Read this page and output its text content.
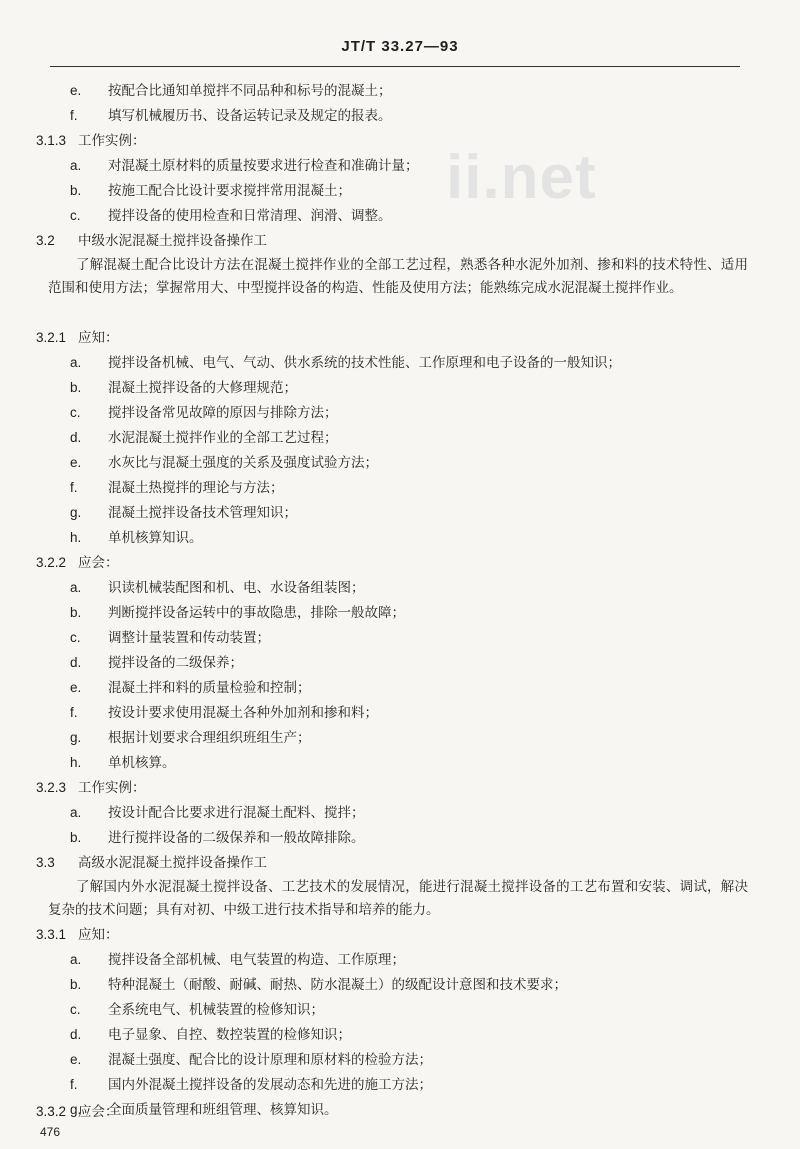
JT/T 33.27—93
ii.net
e. 按配合比通知单搅拌不同品种和标号的混凝土；
f. 填写机械履历书、设备运转记录及规定的报表。
3.1.3 工作实例：
a. 对混凝土原材料的质量按要求进行检查和准确计量；
b. 按施工配合比设计要求搅拌常用混凝土；
c. 搅拌设备的使用检查和日常清理、润滑、调整。
3.2 中级水泥混凝土搅拌设备操作工
了解混凝土配合比设计方法在混凝土搅拌作业的全部工艺过程，熟悉各种水泥外加剂、掺和料的技术特性、适用范围和使用方法；掌握常用大、中型搅拌设备的构造、性能及使用方法；能熟练完成水泥混凝土搅拌作业。
3.2.1 应知：
a. 搅拌设备机械、电气、气动、供水系统的技术性能、工作原理和电子设备的一般知识；
b. 混凝土搅拌设备的大修理规范；
c. 搅拌设备常见故障的原因与排除方法；
d. 水泥混凝土搅拌作业的全部工艺过程；
e. 水灰比与混凝土强度的关系及强度试验方法；
f. 混凝土热搅拌的理论与方法；
g. 混凝土搅拌设备技术管理知识；
h. 单机核算知识。
3.2.2 应会：
a. 识读机械装配图和机、电、水设备组装图；
b. 判断搅拌设备运转中的事故隐患，排除一般故障；
c. 调整计量装置和传动装置；
d. 搅拌设备的二级保养；
e. 混凝土拌和料的质量检验和控制；
f. 按设计要求使用混凝土各种外加剂和掺和料；
g. 根据计划要求合理组织班组生产；
h. 单机核算。
3.2.3 工作实例：
a. 按设计配合比要求进行混凝土配料、搅拌；
b. 进行搅拌设备的二级保养和一般故障排除。
3.3 高级水泥混凝土搅拌设备操作工
了解国内外水泥混凝土搅拌设备、工艺技术的发展情况，能进行混凝土搅拌设备的工艺布置和安装、调试，解决复杂的技术问题；具有对初、中级工进行技术指导和培养的能力。
3.3.1 应知：
a. 搅拌设备全部机械、电气装置的构造、工作原理；
b. 特种混凝土（耐酸、耐碱、耐热、防水混凝土）的级配设计意图和技术要求；
c. 全系统电气、机械装置的检修知识；
d. 电子显象、自控、数控装置的检修知识；
e. 混凝土强度、配合比的设计原理和原材料的检验方法；
f. 国内外混凝土搅拌设备的发展动态和先进的施工方法；
g. 全面质量管理和班组管理、核算知识。
476
3.3.2 应会：
